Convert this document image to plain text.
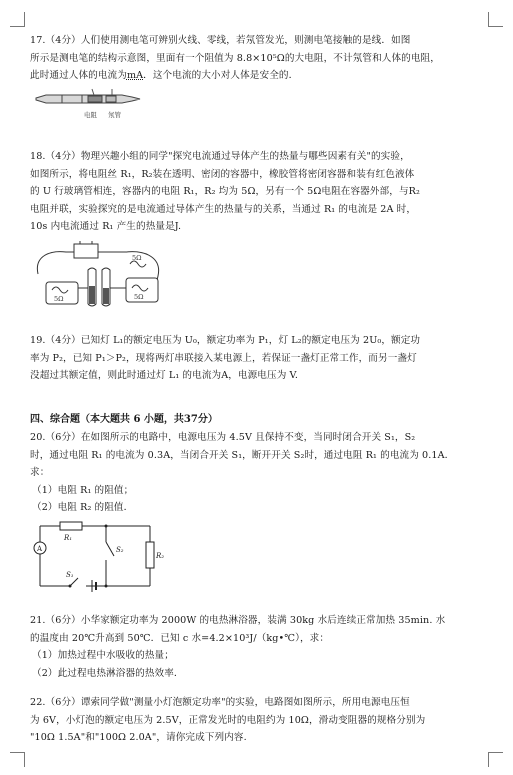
17.（4分）人们使用测电笔可辨别火线、零线，若氖管发光，则测电笔接触的是线．如图

所示是测电笔的结构示意图，里面有一个阻值为 8.8×10⁵Ω的大电阻，不计氖管和人体的电阻，

此时通过人体的电流为mA．这个电流的大小对人体是安全的．

电阻 氖管

18.（4分）物理兴趣小组的同学"探究电流通过导体产生的热量与哪些因素有关"的实验，

如图所示，将电阻丝 R₁，R₂装在透明、密闭的容器中，橡胶管将密闭容器和装有红色液体

的 U 行玻璃管相连，容器内的电阻 R₁，R₂ 均为 5Ω，另有一个 5Ω电阻在容器外部，与R₂

电阻并联，实验探究的是电流通过导体产生的热量与的关系，当通过 R₁ 的电流是 2A 时，

10s 内电流通过 R₁ 产生的热量是J.

5Ω
5Ω	5Ω

19.（4分）已知灯 L₁的额定电压为 U₀，额定功率为 P₁，灯 L₂的额定电压为 2U₀，额定功

率为 P₂，已知 P₁＞P₂，现将两灯串联接入某电源上，若保证一盏灯正常工作，而另一盏灯

没超过其额定值，则此时通过灯 L₁ 的电流为A，电源电压为 V.

四、综合题（本大题共 6 小题，共37分）

20.（6分）在如图所示的电路中，电源电压为 4.5V 且保持不变，当同时闭合开关 S₁，S₂

时，通过电阻 R₁ 的电流为 0.3A，当闭合开关 S₁，断开开关 S₂时，通过电阻 R₁ 的电流为 0.1A．

求：

（1）电阻 R₁ 的阻值；

（2）电阻 R₂ 的阻值．

A
R₁
S₂
R₂
S₁

21.（6分）小华家额定功率为 2000W 的电热淋浴器，装满 30kg 水后连续正常加热 35min. 水

的温度由 20℃升高到 50℃．已知 c 水=4.2×10³J/（kg•℃），求：

（1）加热过程中水吸收的热量；

（2）此过程电热淋浴器的热效率．

22.（6分）谭索同学做"测量小灯泡额定功率"的实验，电路图如图所示，所用电源电压恒

为 6V，小灯泡的额定电压为 2.5V，正常发光时的电阻约为 10Ω，滑动变阻器的规格分别为

"10Ω 1.5A"和"100Ω 2.0A"，请你完成下列内容.
